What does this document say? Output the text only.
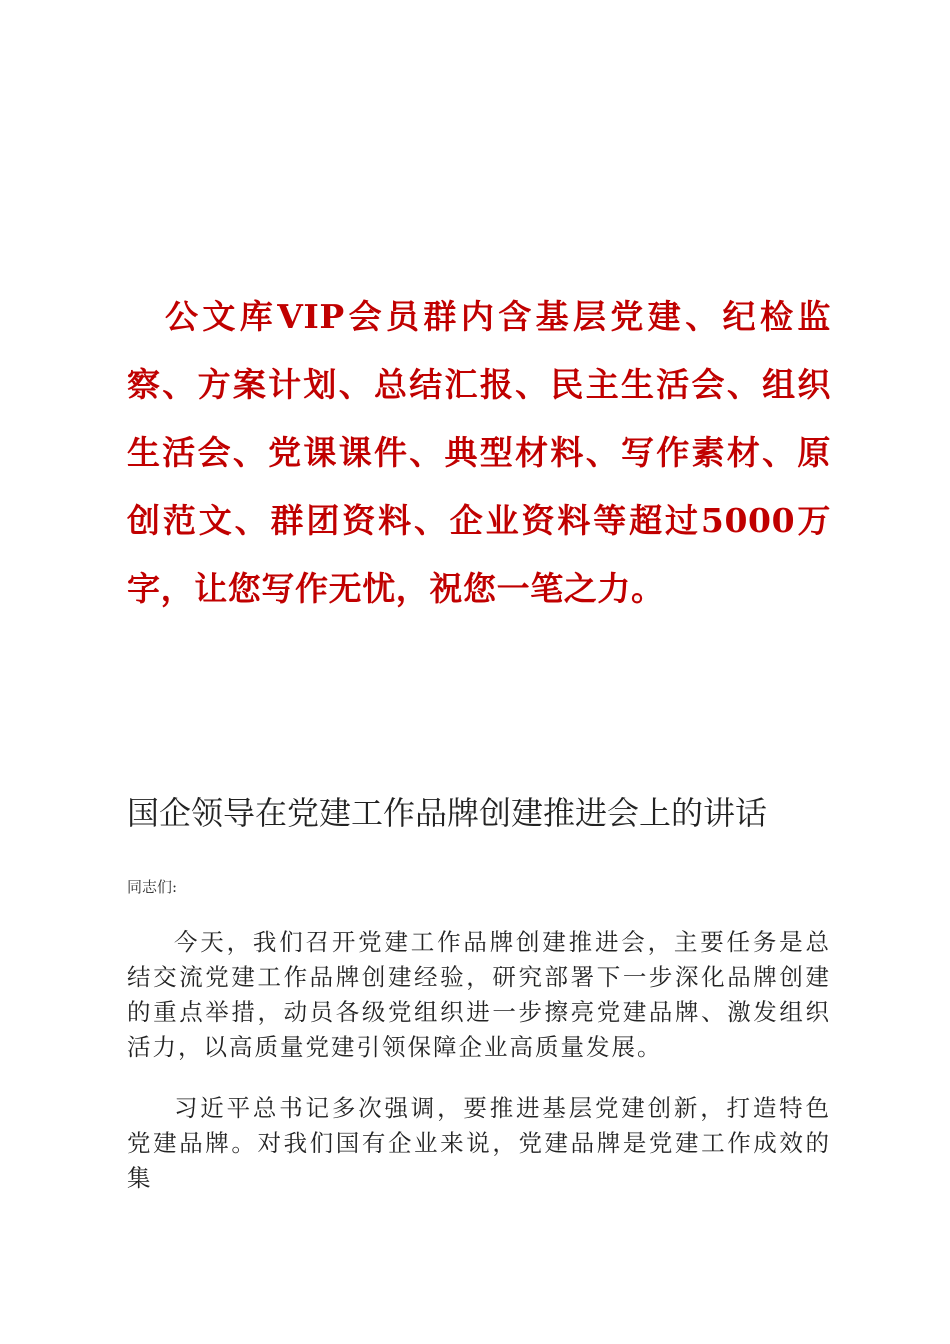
公文库VIP会员群内含基层党建、纪检监察、方案计划、总结汇报、民主生活会、组织生活会、党课课件、典型材料、写作素材、原创范文、群团资料、企业资料等超过5000万字，让您写作无忧，祝您一笔之力。
国企领导在党建工作品牌创建推进会上的讲话
同志们:
今天，我们召开党建工作品牌创建推进会，主要任务是总结交流党建工作品牌创建经验，研究部署下一步深化品牌创建的重点举措，动员各级党组织进一步擦亮党建品牌、激发组织活力，以高质量党建引领保障企业高质量发展。
习近平总书记多次强调，要推进基层党建创新，打造特色党建品牌。对我们国有企业来说，党建品牌是党建工作成效的集
